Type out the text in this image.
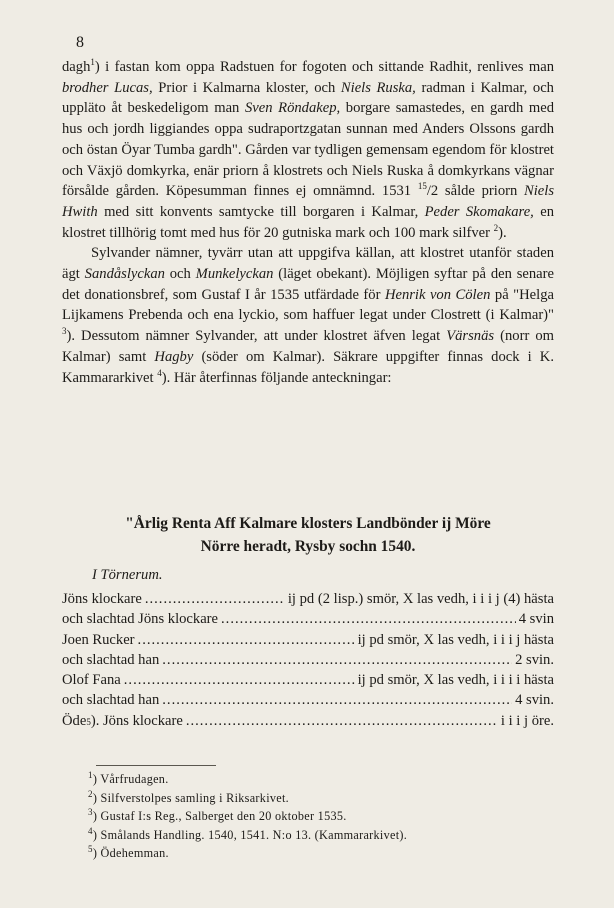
8

dagh$^1$) i fastan kom oppa Radstuen for fogoten och sittande Radhit, renlives man brodher Lucas, Prior i Kalmarna kloster, och Niels Ruska, radman i Kalmar, och uppläto åt beskedeligom man Sven Röndakep, borgare samastedes, en gardh med hus och jordh liggiandes oppa sudraportzgatan sunnan med Anders Olssons gardh och östan Öyar Tumba gardh". Gården var tydligen gemensam egendom för klostret och Växjö domkyrka, enär priorn å klostrets och Niels Ruska å domkyrkans vägnar försålde gården. Köpesumman finnes ej omnämnd. 1531 $^{15}$/2 sålde priorn Niels Hwith med sitt konvents samtycke till borgaren i Kalmar, Peder Skomakare, en klostret tillhörig tomt med hus för 20 gutniska mark och 100 mark silfver $^2$).

Sylvander nämner, tyvärr utan att uppgifva källan, att klostret utanför staden ägt Sandåslyckan och Munkelyckan (läget obekant). Möjligen syftar på den senare det donationsbref, som Gustaf I år 1535 utfärdade för Henrik von Cölen på "Helga Lijkamens Prebenda och ena lyckio, som haffuer legat under Clostrett (i Kalmar)" $^3$). Dessutom nämner Sylvander, att under klostret äfven legat Värsnäs (norr om Kalmar) samt Hagby (söder om Kalmar). Säkrare uppgifter finnas dock i K. Kammararkivet $^4$). Här återfinnas följande anteckningar:

"Årlig Renta Aff Kalmare klosters Landbönder ij Möre
Nörre heradt, Rysby sochn 1540.
I Törnerum.
Jöns klockare .....	ij pd (2 lisp.) smör, X las vedh, i i i j (4) hästa
och slachtad Jöns klockare .....	4 svin
Joen Rucker .....	ij pd smör, X las vedh, i i i j hästa
och slachtad han .....	2 svin.
Olof Fana .....	ij pd smör, X las vedh, i i i i hästa
och slachtad han .....	4 svin.
Öde 5 ). Jöns klockare .....	i i i j öre.
$^1$) Vårfrudagen.
$^2$) Silfverstolpes samling i Riksarkivet.
$^3$) Gustaf I:s Reg., Salberget den 20 oktober 1535.
$^4$) Smålands Handling. 1540, 1541. N:o 13. (Kammararkivet).
$^5$) Ödehemman.
